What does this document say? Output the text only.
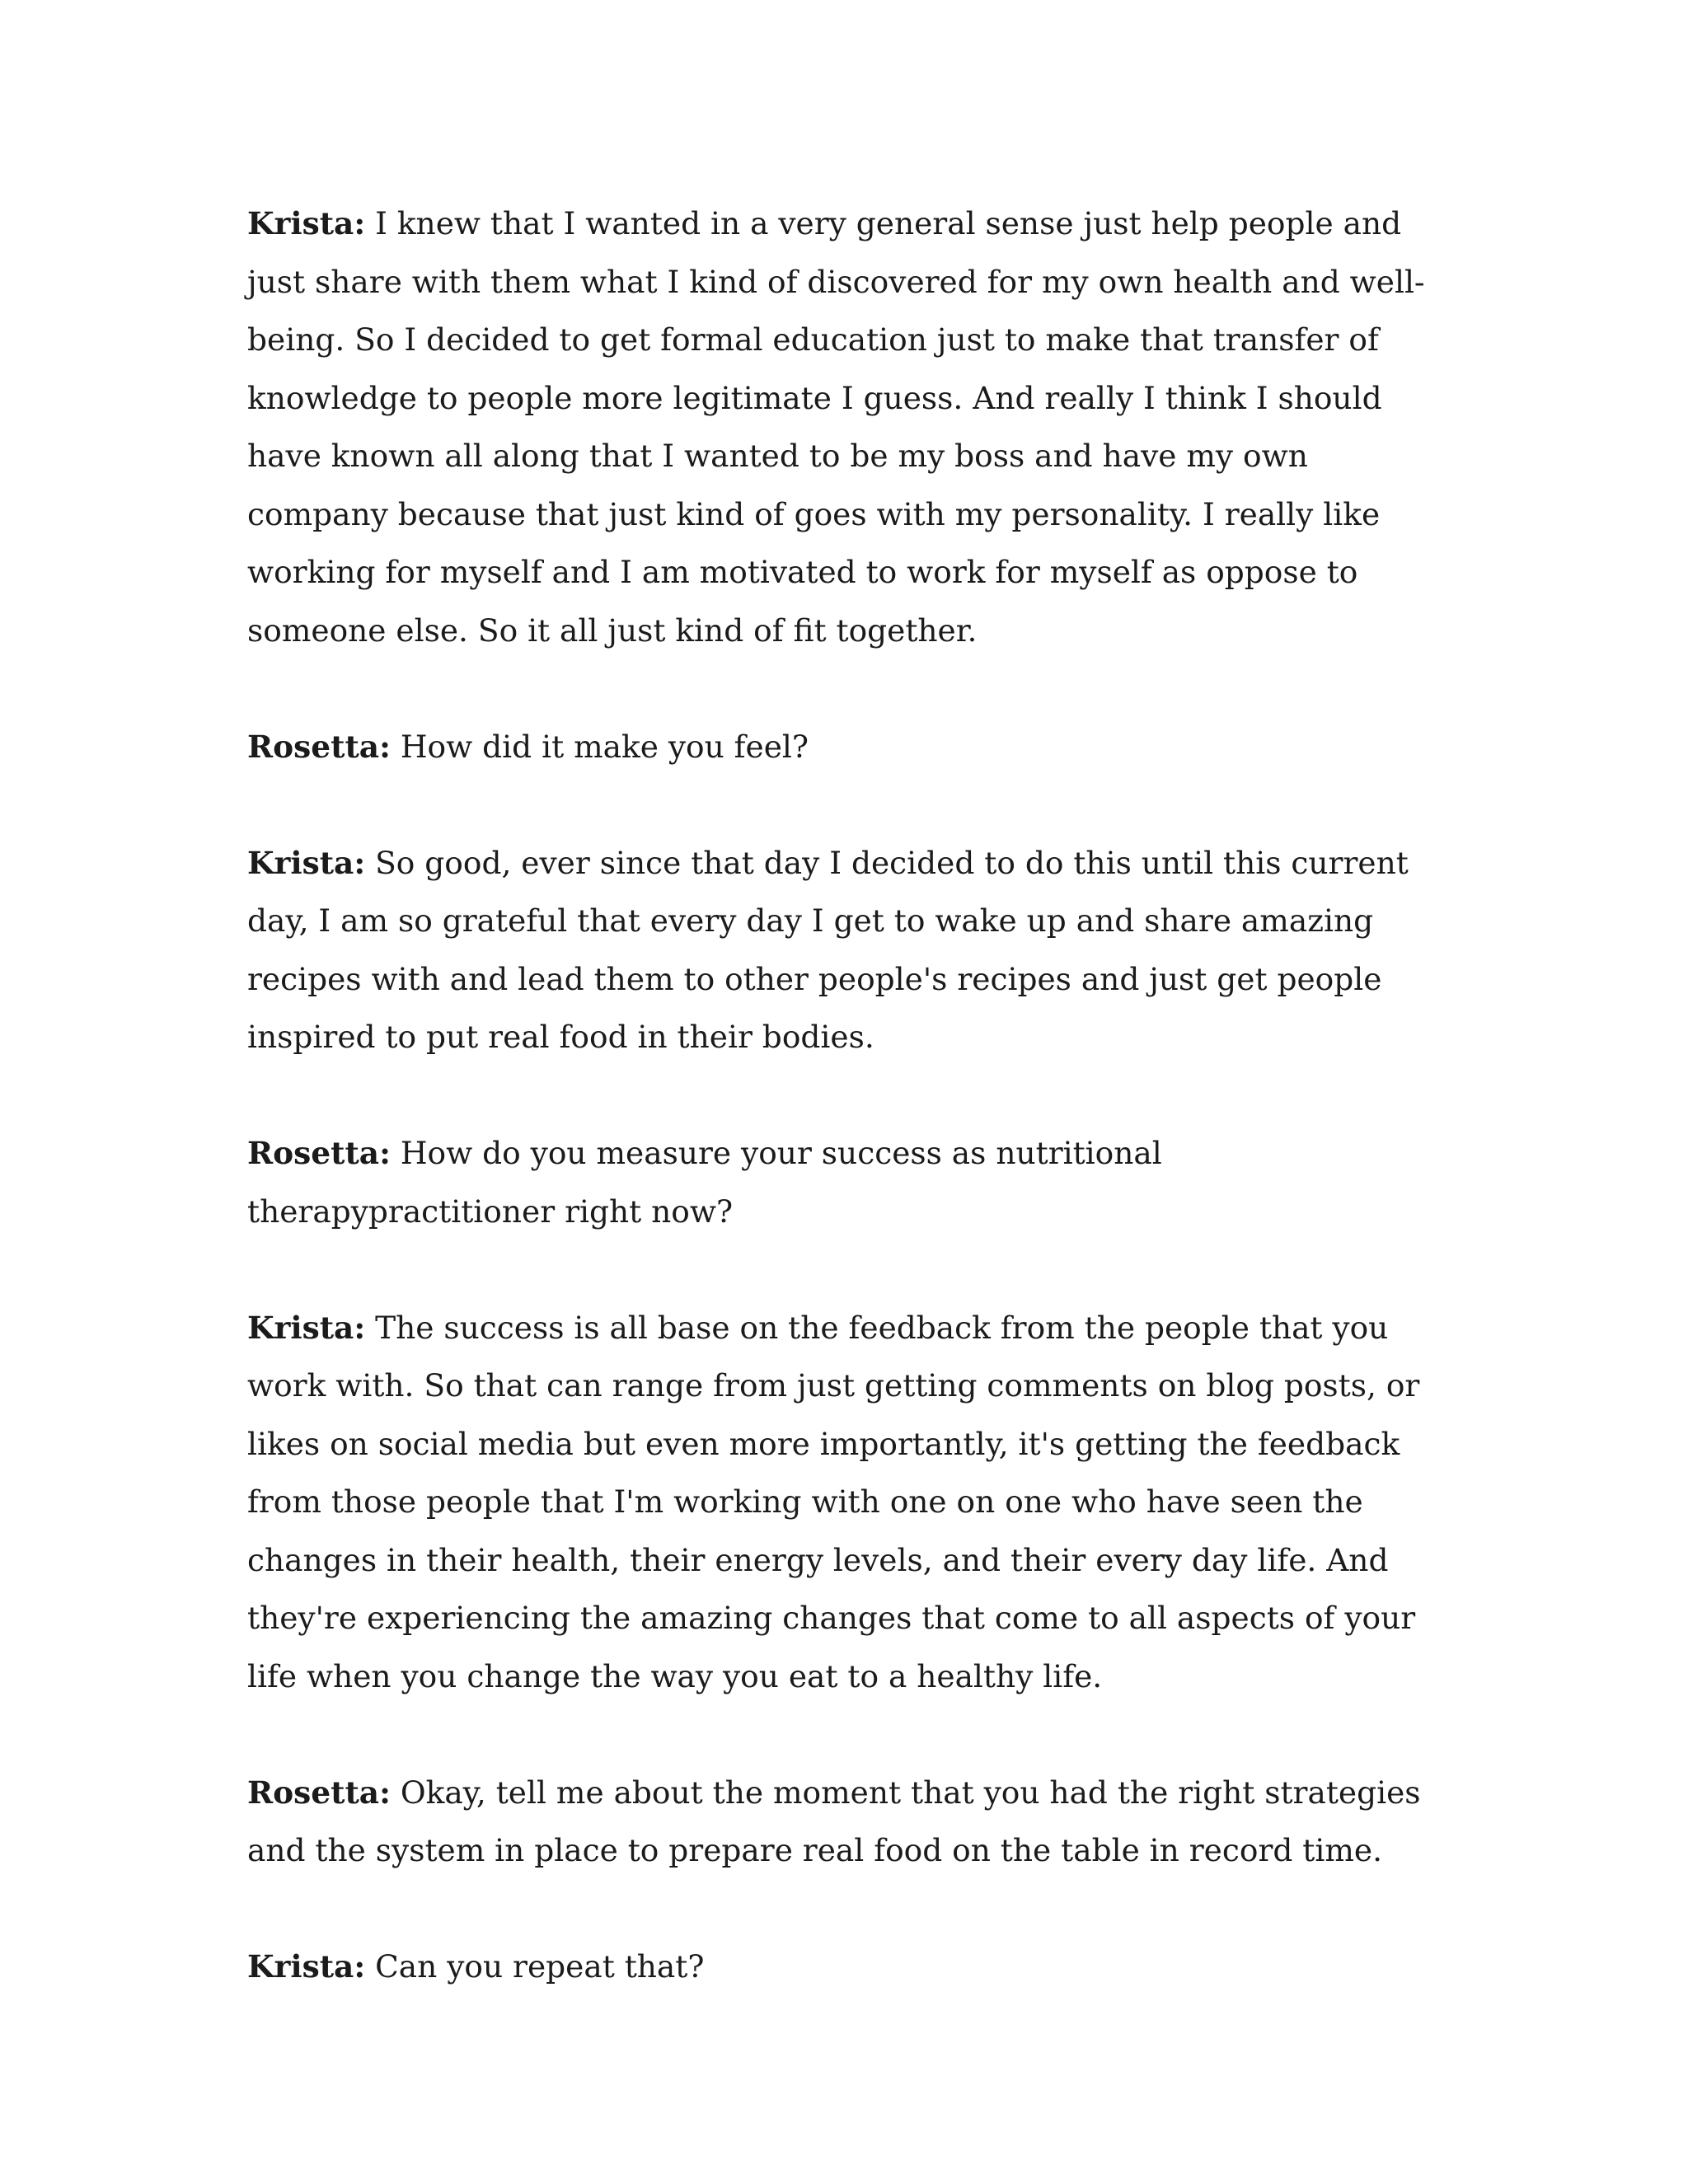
Krista: I knew that I wanted in a very general sense just help people and just share with them what I kind of discovered for my own health and well-being. So I decided to get formal education just to make that transfer of knowledge to people more legitimate I guess. And really I think I should have known all along that I wanted to be my boss and have my own company because that just kind of goes with my personality. I really like working for myself and I am motivated to work for myself as oppose to someone else. So it all just kind of fit together.

Rosetta: How did it make you feel?

Krista: So good, ever since that day I decided to do this until this current day, I am so grateful that every day I get to wake up and share amazing recipes with and lead them to other people's recipes and just get people inspired to put real food in their bodies.

Rosetta: How do you measure your success as nutritional therapypractitioner right now?

Krista: The success is all base on the feedback from the people that you work with. So that can range from just getting comments on blog posts, or likes on social media but even more importantly, it's getting the feedback from those people that I'm working with one on one who have seen the changes in their health, their energy levels, and their every day life. And they're experiencing the amazing changes that come to all aspects of your life when you change the way you eat to a healthy life.

Rosetta: Okay, tell me about the moment that you had the right strategies and the system in place to prepare real food on the table in record time.

Krista: Can you repeat that?
